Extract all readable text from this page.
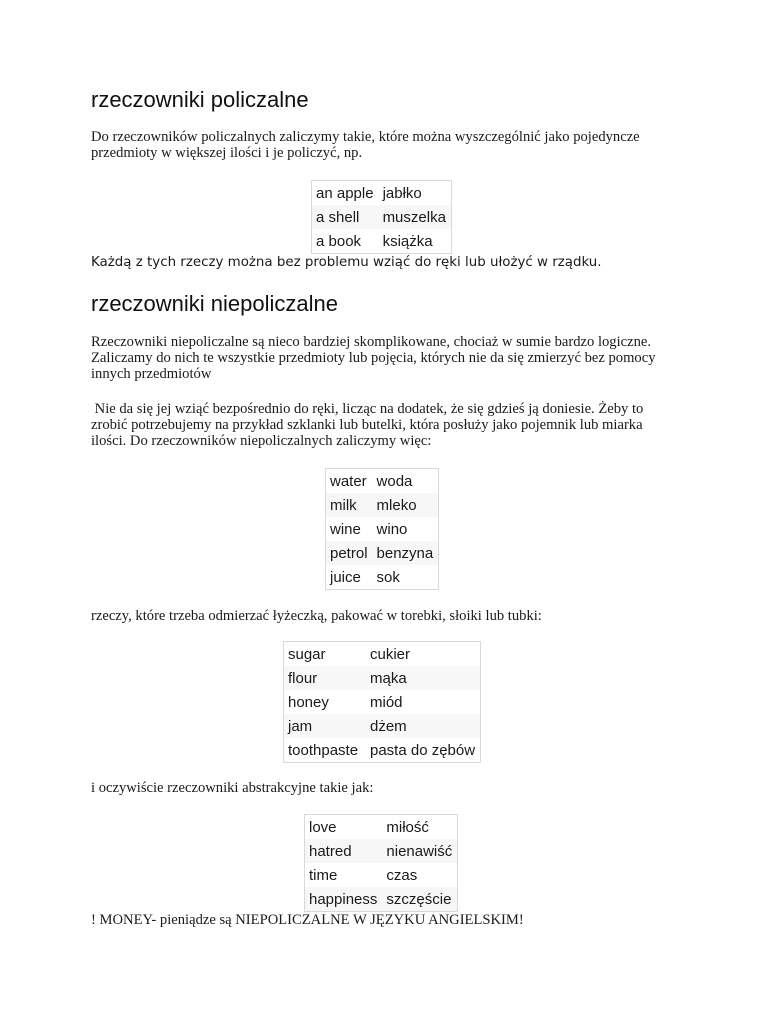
rzeczowniki policzalne

Do rzeczowników policzalnych zaliczymy takie, które można wyszczególnić jako pojedyncze przedmioty w większej ilości i je policzyć, np.

an apple	jabłko
a shell	muszelka
a book	książka

Każdą z tych rzeczy można bez problemu wziąć do ręki lub ułożyć w rządku.

rzeczowniki niepoliczalne

Rzeczowniki niepoliczalne są nieco bardziej skomplikowane, chociaż w sumie bardzo logiczne. Zaliczamy do nich te wszystkie przedmioty lub pojęcia, których nie da się zmierzyć bez pomocy innych przedmiotów

Nie da się jej wziąć bezpośrednio do ręki, licząc na dodatek, że się gdzieś ją doniesie. Żeby to zrobić potrzebujemy na przykład szklanki lub butelki, która posłuży jako pojemnik lub miarka ilości. Do rzeczowników niepoliczalnych zaliczymy więc:

water	woda
milk	mleko
wine	wino
petrol	benzyna
juice	sok

rzeczy, które trzeba odmierzać łyżeczką, pakować w torebki, słoiki lub tubki:

sugar	cukier
flour	mąka
honey	miód
jam	dżem
toothpaste	pasta do zębów

i oczywiście rzeczowniki abstrakcyjne takie jak:

love	miłość
hatred	nienawiść
time	czas
happiness	szczęście

! MONEY- pieniądze są NIEPOLICZALNE W JĘZYKU ANGIELSKIM!
